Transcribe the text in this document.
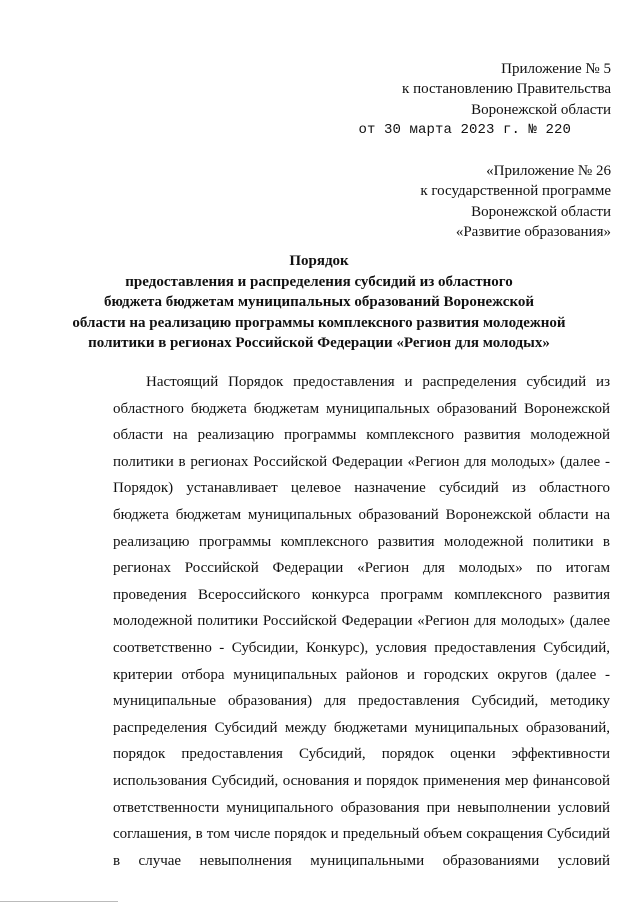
Приложение № 5
к постановлению Правительства
Воронежской области
от 30 марта 2023 г. № 220
«Приложение № 26
к государственной программе
Воронежской области
«Развитие образования»
Порядок
предоставления и распределения субсидий из областного
бюджета бюджетам муниципальных образований Воронежской
области на реализацию программы комплексного развития молодежной
политики в регионах Российской Федерации «Регион для молодых»
Настоящий Порядок предоставления и распределения субсидий из
областного бюджета бюджетам муниципальных образований Воронежской
области на реализацию программы комплексного развития молодежной
политики в регионах Российской Федерации «Регион для молодых» (далее -
Порядок) устанавливает целевое назначение субсидий из областного
бюджета бюджетам муниципальных образований Воронежской области на
реализацию программы комплексного развития молодежной политики в
регионах Российской Федерации «Регион для молодых» по итогам
проведения Всероссийского конкурса программ комплексного развития
молодежной политики Российской Федерации «Регион для молодых» (далее
соответственно - Субсидии, Конкурс), условия предоставления Субсидий,
критерии отбора муниципальных районов и городских округов (далее -
муниципальные образования) для предоставления Субсидий, методику
распределения Субсидий между бюджетами муниципальных образований,
порядок предоставления Субсидий, порядок оценки эффективности
использования Субсидий, основания и порядок применения мер финансовой
ответственности муниципального образования при невыполнении условий
соглашения, в том числе порядок и предельный объем сокращения Субсидий
в случае невыполнения муниципальными образованиями условий
